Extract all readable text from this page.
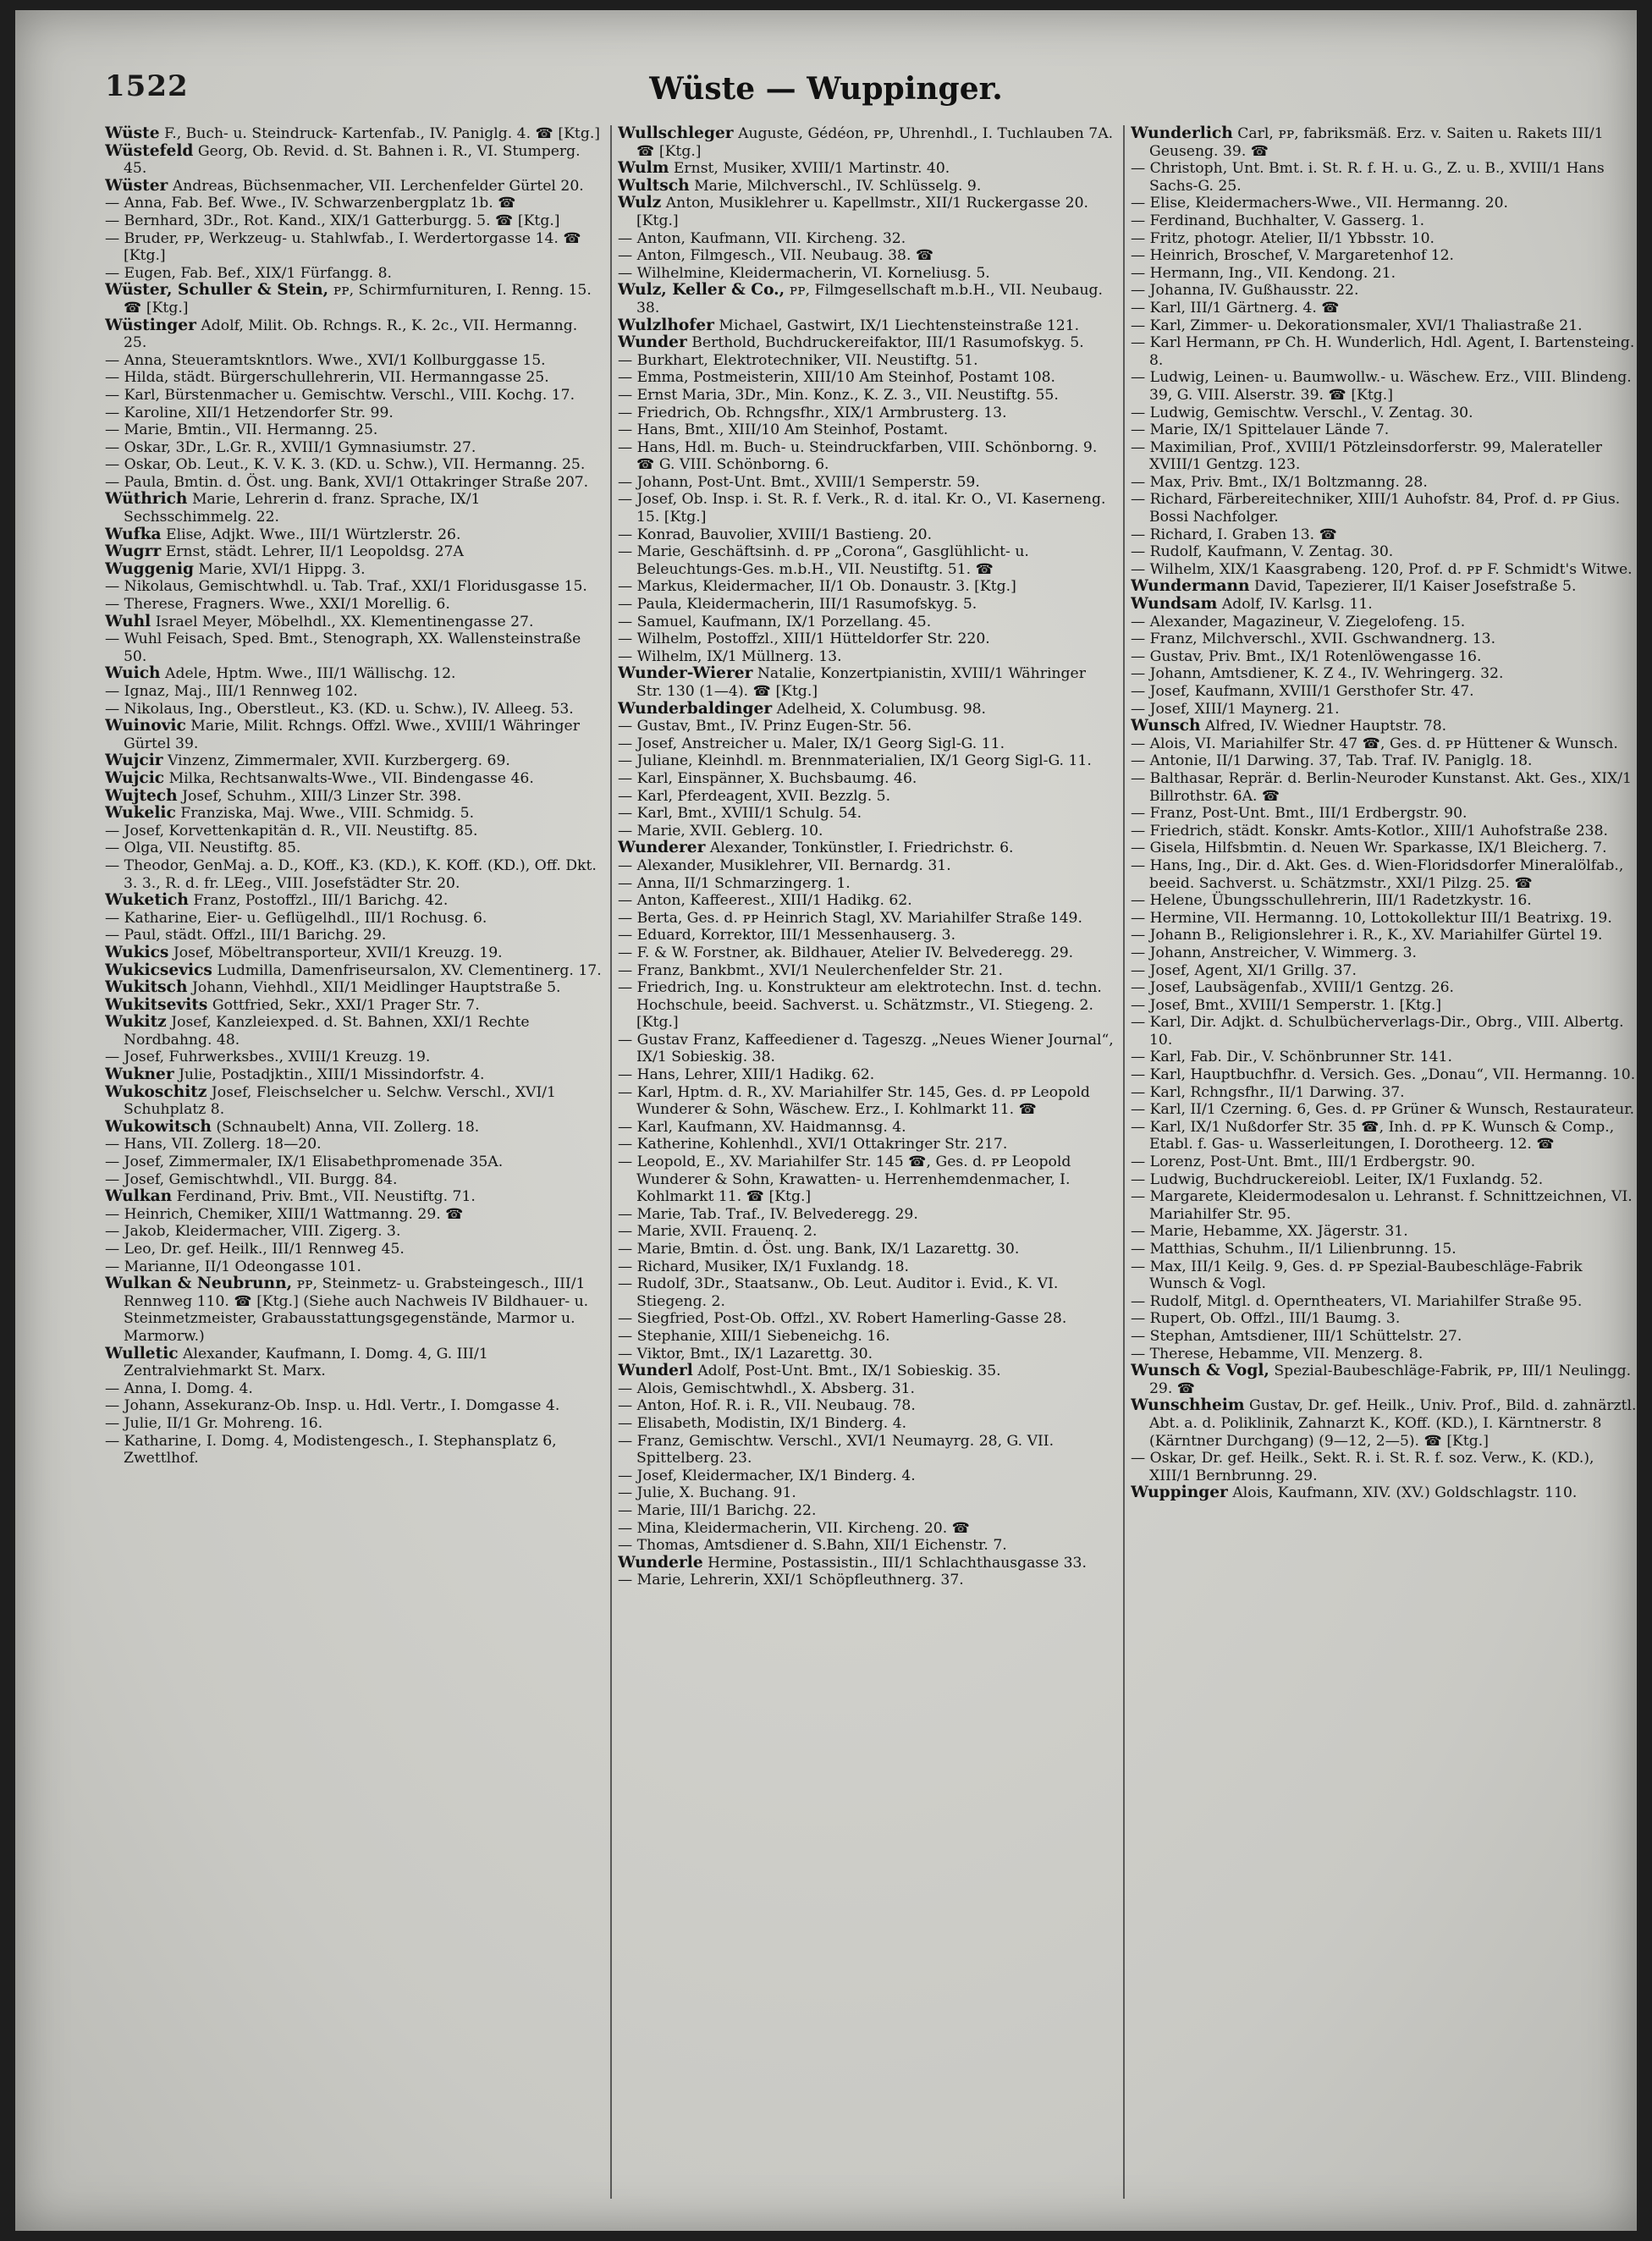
1522	Wüste — Wuppinger.

Wüste F., Buch- u. Steindruck- Kartenfab., IV. Paniglg. 4. ☎ [Ktg.]

Wüstefeld Georg, Ob. Revid. d. St. Bahnen i. R., VI. Stumperg. 45.

Wüster Andreas, Büchsenmacher, VII. Lerchenfelder Gürtel 20.

— Anna, Fab. Bef. Wwe., IV. Schwarzenbergplatz 1b. ☎

— Bernhard, 3Dr., Rot. Kand., XIX/1 Gatterburgg. 5. ☎ [Ktg.]

— Bruder, ᴘᴘ, Werkzeug- u. Stahlwfab., I. Werdertorgasse 14. ☎ [Ktg.]

— Eugen, Fab. Bef., XIX/1 Fürfangg. 8.

Wüster, Schuller & Stein, ᴘᴘ, Schirmfurnituren, I. Renng. 15. ☎ [Ktg.]

Wüstinger Adolf, Milit. Ob. Rchngs. R., K. 2c., VII. Hermanng. 25.

— Anna, Steueramtskntlors. Wwe., XVI/1 Kollburggasse 15.

— Hilda, städt. Bürgerschullehrerin, VII. Hermanngasse 25.

— Karl, Bürstenmacher u. Gemischtw. Verschl., VIII. Kochg. 17.

— Karoline, XII/1 Hetzendorfer Str. 99.

— Marie, Bmtin., VII. Hermanng. 25.

— Oskar, 3Dr., L.Gr. R., XVIII/1 Gymnasiumstr. 27.

— Oskar, Ob. Leut., K. V. K. 3. (KD. u. Schw.), VII. Hermanng. 25.

— Paula, Bmtin. d. Öst. ung. Bank, XVI/1 Ottakringer Straße 207.

Wüthrich Marie, Lehrerin d. franz. Sprache, IX/1 Sechsschimmelg. 22.

Wufka Elise, Adjkt. Wwe., III/1 Würtzlerstr. 26.

Wugrr Ernst, städt. Lehrer, II/1 Leopoldsg. 27A

Wuggenig Marie, XVI/1 Hippg. 3.

— Nikolaus, Gemischtwhdl. u. Tab. Traf., XXI/1 Floridusgasse 15.

— Therese, Fragners. Wwe., XXI/1 Morellig. 6.

Wuhl Israel Meyer, Möbelhdl., XX. Klementinengasse 27.

— Wuhl Feisach, Sped. Bmt., Stenograph, XX. Wallensteinstraße 50.

Wuich Adele, Hptm. Wwe., III/1 Wällischg. 12.

— Ignaz, Maj., III/1 Rennweg 102.

— Nikolaus, Ing., Oberstleut., K3. (KD. u. Schw.), IV. Alleeg. 53.

Wuinovic Marie, Milit. Rchngs. Offzl. Wwe., XVIII/1 Währinger Gürtel 39.

Wujcir Vinzenz, Zimmermaler, XVII. Kurzbergerg. 69.

Wujcic Milka, Rechtsanwalts-Wwe., VII. Bindengasse 46.

Wujtech Josef, Schuhm., XIII/3 Linzer Str. 398.

Wukelic Franziska, Maj. Wwe., VIII. Schmidg. 5.

— Josef, Korvettenkapitän d. R., VII. Neustiftg. 85.

— Olga, VII. Neustiftg. 85.

— Theodor, GenMaj. a. D., KOff., K3. (KD.), K. KOff. (KD.), Off. Dkt. 3. 3., R. d. fr. LEeg., VIII. Josefstädter Str. 20.

Wuketich Franz, Postoffzl., III/1 Barichg. 42.

— Katharine, Eier- u. Geflügelhdl., III/1 Rochusg. 6.

— Paul, städt. Offzl., III/1 Barichg. 29.

Wukics Josef, Möbeltransporteur, XVII/1 Kreuzg. 19.

Wukicsevics Ludmilla, Damenfriseursalon, XV. Clementinerg. 17.

Wukitsch Johann, Viehhdl., XII/1 Meidlinger Hauptstraße 5.

Wukitsevits Gottfried, Sekr., XXI/1 Prager Str. 7.

Wukitz Josef, Kanzleiexped. d. St. Bahnen, XXI/1 Rechte Nordbahng. 48.

— Josef, Fuhrwerksbes., XVIII/1 Kreuzg. 19.

Wukner Julie, Postadjktin., XIII/1 Missindorfstr. 4.

Wukoschitz Josef, Fleischselcher u. Selchw. Verschl., XVI/1 Schuhplatz 8.

Wukowitsch (Schnaubelt) Anna, VII. Zollerg. 18.

— Hans, VII. Zollerg. 18—20.

— Josef, Zimmermaler, IX/1 Elisabethpromenade 35A.

— Josef, Gemischtwhdl., VII. Burgg. 84.

Wulkan Ferdinand, Priv. Bmt., VII. Neustiftg. 71.

— Heinrich, Chemiker, XIII/1 Wattmanng. 29. ☎

— Jakob, Kleidermacher, VIII. Zigerg. 3.

— Leo, Dr. gef. Heilk., III/1 Rennweg 45.

— Marianne, II/1 Odeongasse 101.

Wulkan & Neubrunn, ᴘᴘ, Steinmetz- u. Grabsteingesch., III/1 Rennweg 110. ☎ [Ktg.] (Siehe auch Nachweis IV Bildhauer- u. Steinmetzmeister, Grabausstattungsgegenstände, Marmor u. Marmorw.)

Wulletic Alexander, Kaufmann, I. Domg. 4, G. III/1 Zentralviehmarkt St. Marx.

— Anna, I. Domg. 4.

— Johann, Assekuranz-Ob. Insp. u. Hdl. Vertr., I. Domgasse 4.

— Julie, II/1 Gr. Mohreng. 16.

— Katharine, I. Domg. 4, Modistengesch., I. Stephansplatz 6, Zwettlhof.

Wullschleger Auguste, Gédéon, ᴘᴘ, Uhrenhdl., I. Tuchlauben 7A. ☎ [Ktg.]

Wulm Ernst, Musiker, XVIII/1 Martinstr. 40.

Wultsch Marie, Milchverschl., IV. Schlüsselg. 9.

Wulz Anton, Musiklehrer u. Kapellmstr., XII/1 Ruckergasse 20. [Ktg.]

— Anton, Kaufmann, VII. Kircheng. 32.

— Anton, Filmgesch., VII. Neubaug. 38. ☎

— Wilhelmine, Kleidermacherin, VI. Korneliusg. 5.

Wulz, Keller & Co., ᴘᴘ, Filmgesellschaft m.b.H., VII. Neubaug. 38.

Wulzlhofer Michael, Gastwirt, IX/1 Liechtensteinstraße 121.

Wunder Berthold, Buchdruckereifaktor, III/1 Rasumofskyg. 5.

— Burkhart, Elektrotechniker, VII. Neustiftg. 51.

— Emma, Postmeisterin, XIII/10 Am Steinhof, Postamt 108.

— Ernst Maria, 3Dr., Min. Konz., K. Z. 3., VII. Neustiftg. 55.

— Friedrich, Ob. Rchngsfhr., XIX/1 Armbrusterg. 13.

— Hans, Bmt., XIII/10 Am Steinhof, Postamt.

— Hans, Hdl. m. Buch- u. Steindruckfarben, VIII. Schönborng. 9. ☎ G. VIII. Schönborng. 6.

— Johann, Post-Unt. Bmt., XVIII/1 Semperstr. 59.

— Josef, Ob. Insp. i. St. R. f. Verk., R. d. ital. Kr. O., VI. Kaserneng. 15. [Ktg.]

— Konrad, Bauvolier, XVIII/1 Bastieng. 20.

— Marie, Geschäftsinh. d. ᴘᴘ „Corona“, Gasglühlicht- u. Beleuchtungs-Ges. m.b.H., VII. Neustiftg. 51. ☎

— Markus, Kleidermacher, II/1 Ob. Donaustr. 3. [Ktg.]

— Paula, Kleidermacherin, III/1 Rasumofskyg. 5.

— Samuel, Kaufmann, IX/1 Porzellang. 45.

— Wilhelm, Postoffzl., XIII/1 Hütteldorfer Str. 220.

— Wilhelm, IX/1 Müllnerg. 13.

Wunder-Wierer Natalie, Konzertpianistin, XVIII/1 Währinger Str. 130 (1—4). ☎ [Ktg.]

Wunderbaldinger Adelheid, X. Columbusg. 98.

— Gustav, Bmt., IV. Prinz Eugen-Str. 56.

— Josef, Anstreicher u. Maler, IX/1 Georg Sigl-G. 11.

— Juliane, Kleinhdl. m. Brennmaterialien, IX/1 Georg Sigl-G. 11.

— Karl, Einspänner, X. Buchsbaumg. 46.

— Karl, Pferdeagent, XVII. Bezzlg. 5.

— Karl, Bmt., XVIII/1 Schulg. 54.

— Marie, XVII. Geblerg. 10.

Wunderer Alexander, Tonkünstler, I. Friedrichstr. 6.

— Alexander, Musiklehrer, VII. Bernardg. 31.

— Anna, II/1 Schmarzingerg. 1.

— Anton, Kaffeerest., XIII/1 Hadikg. 62.

— Berta, Ges. d. ᴘᴘ Heinrich Stagl, XV. Mariahilfer Straße 149.

— Eduard, Korrektor, III/1 Messenhauserg. 3.

— F. & W. Forstner, ak. Bildhauer, Atelier IV. Belvederegg. 29.

— Franz, Bankbmt., XVI/1 Neulerchenfelder Str. 21.

— Friedrich, Ing. u. Konstrukteur am elektrotechn. Inst. d. techn. Hochschule, beeid. Sachverst. u. Schätzmstr., VI. Stiegeng. 2. [Ktg.]

— Gustav Franz, Kaffeediener d. Tageszg. „Neues Wiener Journal“, IX/1 Sobieskig. 38.

— Hans, Lehrer, XIII/1 Hadikg. 62.

— Karl, Hptm. d. R., XV. Mariahilfer Str. 145, Ges. d. ᴘᴘ Leopold Wunderer & Sohn, Wäschew. Erz., I. Kohlmarkt 11. ☎

— Karl, Kaufmann, XV. Haidmannsg. 4.

— Katherine, Kohlenhdl., XVI/1 Ottakringer Str. 217.

— Leopold, E., XV. Mariahilfer Str. 145 ☎, Ges. d. ᴘᴘ Leopold Wunderer & Sohn, Krawatten- u. Herrenhemdenmacher, I. Kohlmarkt 11. ☎ [Ktg.]

— Marie, Tab. Traf., IV. Belvederegg. 29.

— Marie, XVII. Frauenq. 2.

— Marie, Bmtin. d. Öst. ung. Bank, IX/1 Lazarettg. 30.

— Richard, Musiker, IX/1 Fuxlandg. 18.

— Rudolf, 3Dr., Staatsanw., Ob. Leut. Auditor i. Evid., K. VI. Stiegeng. 2.

— Siegfried, Post-Ob. Offzl., XV. Robert Hamerling-Gasse 28.

— Stephanie, XIII/1 Siebeneichg. 16.

— Viktor, Bmt., IX/1 Lazarettg. 30.

Wunderl Adolf, Post-Unt. Bmt., IX/1 Sobieskig. 35.

— Alois, Gemischtwhdl., X. Absberg. 31.

— Anton, Hof. R. i. R., VII. Neubaug. 78.

— Elisabeth, Modistin, IX/1 Binderg. 4.

— Franz, Gemischtw. Verschl., XVI/1 Neumayrg. 28, G. VII. Spittelberg. 23.

— Josef, Kleidermacher, IX/1 Binderg. 4.

— Julie, X. Buchang. 91.

— Marie, III/1 Barichg. 22.

— Mina, Kleidermacherin, VII. Kircheng. 20. ☎

— Thomas, Amtsdiener d. S.Bahn, XII/1 Eichenstr. 7.

Wunderle Hermine, Postassistin., III/1 Schlachthausgasse 33.

— Marie, Lehrerin, XXI/1 Schöpfleuthnerg. 37.

Wunderlich Carl, ᴘᴘ, fabriksmäß. Erz. v. Saiten u. Rakets III/1 Geuseng. 39. ☎

— Christoph, Unt. Bmt. i. St. R. f. H. u. G., Z. u. B., XVIII/1 Hans Sachs-G. 25.

— Elise, Kleidermachers-Wwe., VII. Hermanng. 20.

— Ferdinand, Buchhalter, V. Gasserg. 1.

— Fritz, photogr. Atelier, II/1 Ybbsstr. 10.

— Heinrich, Broschef, V. Margaretenhof 12.

— Hermann, Ing., VII. Kendong. 21.

— Johanna, IV. Gußhausstr. 22.

— Karl, III/1 Gärtnerg. 4. ☎

— Karl, Zimmer- u. Dekorationsmaler, XVI/1 Thaliastraße 21.

— Karl Hermann, ᴘᴘ Ch. H. Wunderlich, Hdl. Agent, I. Bartensteing. 8.

— Ludwig, Leinen- u. Baumwollw.- u. Wäschew. Erz., VIII. Blindeng. 39, G. VIII. Alserstr. 39. ☎ [Ktg.]

— Ludwig, Gemischtw. Verschl., V. Zentag. 30.

— Marie, IX/1 Spittelauer Lände 7.

— Maximilian, Prof., XVIII/1 Pötzleinsdorferstr. 99, Malerateller XVIII/1 Gentzg. 123.

— Max, Priv. Bmt., IX/1 Boltzmanng. 28.

— Richard, Färbereitechniker, XIII/1 Auhofstr. 84, Prof. d. ᴘᴘ Gius. Bossi Nachfolger.

— Richard, I. Graben 13. ☎

— Rudolf, Kaufmann, V. Zentag. 30.

— Wilhelm, XIX/1 Kaasgrabeng. 120, Prof. d. ᴘᴘ F. Schmidt's Witwe.

Wundermann David, Tapezierer, II/1 Kaiser Josefstraße 5.

Wundsam Adolf, IV. Karlsg. 11.

— Alexander, Magazineur, V. Ziegelofeng. 15.

— Franz, Milchverschl., XVII. Gschwandnerg. 13.

— Gustav, Priv. Bmt., IX/1 Rotenlöwengasse 16.

— Johann, Amtsdiener, K. Z 4., IV. Wehringerg. 32.

— Josef, Kaufmann, XVIII/1 Gersthofer Str. 47.

— Josef, XIII/1 Maynerg. 21.

Wunsch Alfred, IV. Wiedner Hauptstr. 78.

— Alois, VI. Mariahilfer Str. 47 ☎, Ges. d. ᴘᴘ Hüttener & Wunsch.

— Antonie, II/1 Darwing. 37, Tab. Traf. IV. Paniglg. 18.

— Balthasar, Reprär. d. Berlin-Neuroder Kunstanst. Akt. Ges., XIX/1 Billrothstr. 6A. ☎

— Franz, Post-Unt. Bmt., III/1 Erdbergstr. 90.

— Friedrich, städt. Konskr. Amts-Kotlor., XIII/1 Auhofstraße 238.

— Gisela, Hilfsbmtin. d. Neuen Wr. Sparkasse, IX/1 Bleicherg. 7.

— Hans, Ing., Dir. d. Akt. Ges. d. Wien-Floridsdorfer Mineralölfab., beeid. Sachverst. u. Schätzmstr., XXI/1 Pilzg. 25. ☎

— Helene, Übungsschullehrerin, III/1 Radetzkystr. 16.

— Hermine, VII. Hermanng. 10, Lottokollektur III/1 Beatrixg. 19.

— Johann B., Religionslehrer i. R., K., XV. Mariahilfer Gürtel 19.

— Johann, Anstreicher, V. Wimmerg. 3.

— Josef, Agent, XI/1 Grillg. 37.

— Josef, Laubsägenfab., XVIII/1 Gentzg. 26.

— Josef, Bmt., XVIII/1 Semperstr. 1. [Ktg.]

— Karl, Dir. Adjkt. d. Schulbücherverlags-Dir., Obrg., VIII. Albertg. 10.

— Karl, Fab. Dir., V. Schönbrunner Str. 141.

— Karl, Hauptbuchfhr. d. Versich. Ges. „Donau“, VII. Hermanng. 10.

— Karl, Rchngsfhr., II/1 Darwing. 37.

— Karl, II/1 Czerning. 6, Ges. d. ᴘᴘ Grüner & Wunsch, Restaurateur.

— Karl, IX/1 Nußdorfer Str. 35 ☎, Inh. d. ᴘᴘ K. Wunsch & Comp., Etabl. f. Gas- u. Wasserleitungen, I. Dorotheerg. 12. ☎

— Lorenz, Post-Unt. Bmt., III/1 Erdbergstr. 90.

— Ludwig, Buchdruckereiobl. Leiter, IX/1 Fuxlandg. 52.

— Margarete, Kleidermodesalon u. Lehranst. f. Schnittzeichnen, VI. Mariahilfer Str. 95.

— Marie, Hebamme, XX. Jägerstr. 31.

— Matthias, Schuhm., II/1 Lilienbrunng. 15.

— Max, III/1 Keilg. 9, Ges. d. ᴘᴘ Spezial-Baubeschläge-Fabrik Wunsch & Vogl.

— Rudolf, Mitgl. d. Operntheaters, VI. Mariahilfer Straße 95.

— Rupert, Ob. Offzl., III/1 Baumg. 3.

— Stephan, Amtsdiener, III/1 Schüttelstr. 27.

— Therese, Hebamme, VII. Menzerg. 8.

Wunsch & Vogl, Spezial-Baubeschläge-Fabrik, ᴘᴘ, III/1 Neulingg. 29. ☎

Wunschheim Gustav, Dr. gef. Heilk., Univ. Prof., Bild. d. zahnärztl. Abt. a. d. Poliklinik, Zahnarzt K., KOff. (KD.), I. Kärntnerstr. 8 (Kärntner Durchgang) (9—12, 2—5). ☎ [Ktg.]

— Oskar, Dr. gef. Heilk., Sekt. R. i. St. R. f. soz. Verw., K. (KD.), XIII/1 Bernbrunng. 29.

Wuppinger Alois, Kaufmann, XIV. (XV.) Goldschlagstr. 110.
